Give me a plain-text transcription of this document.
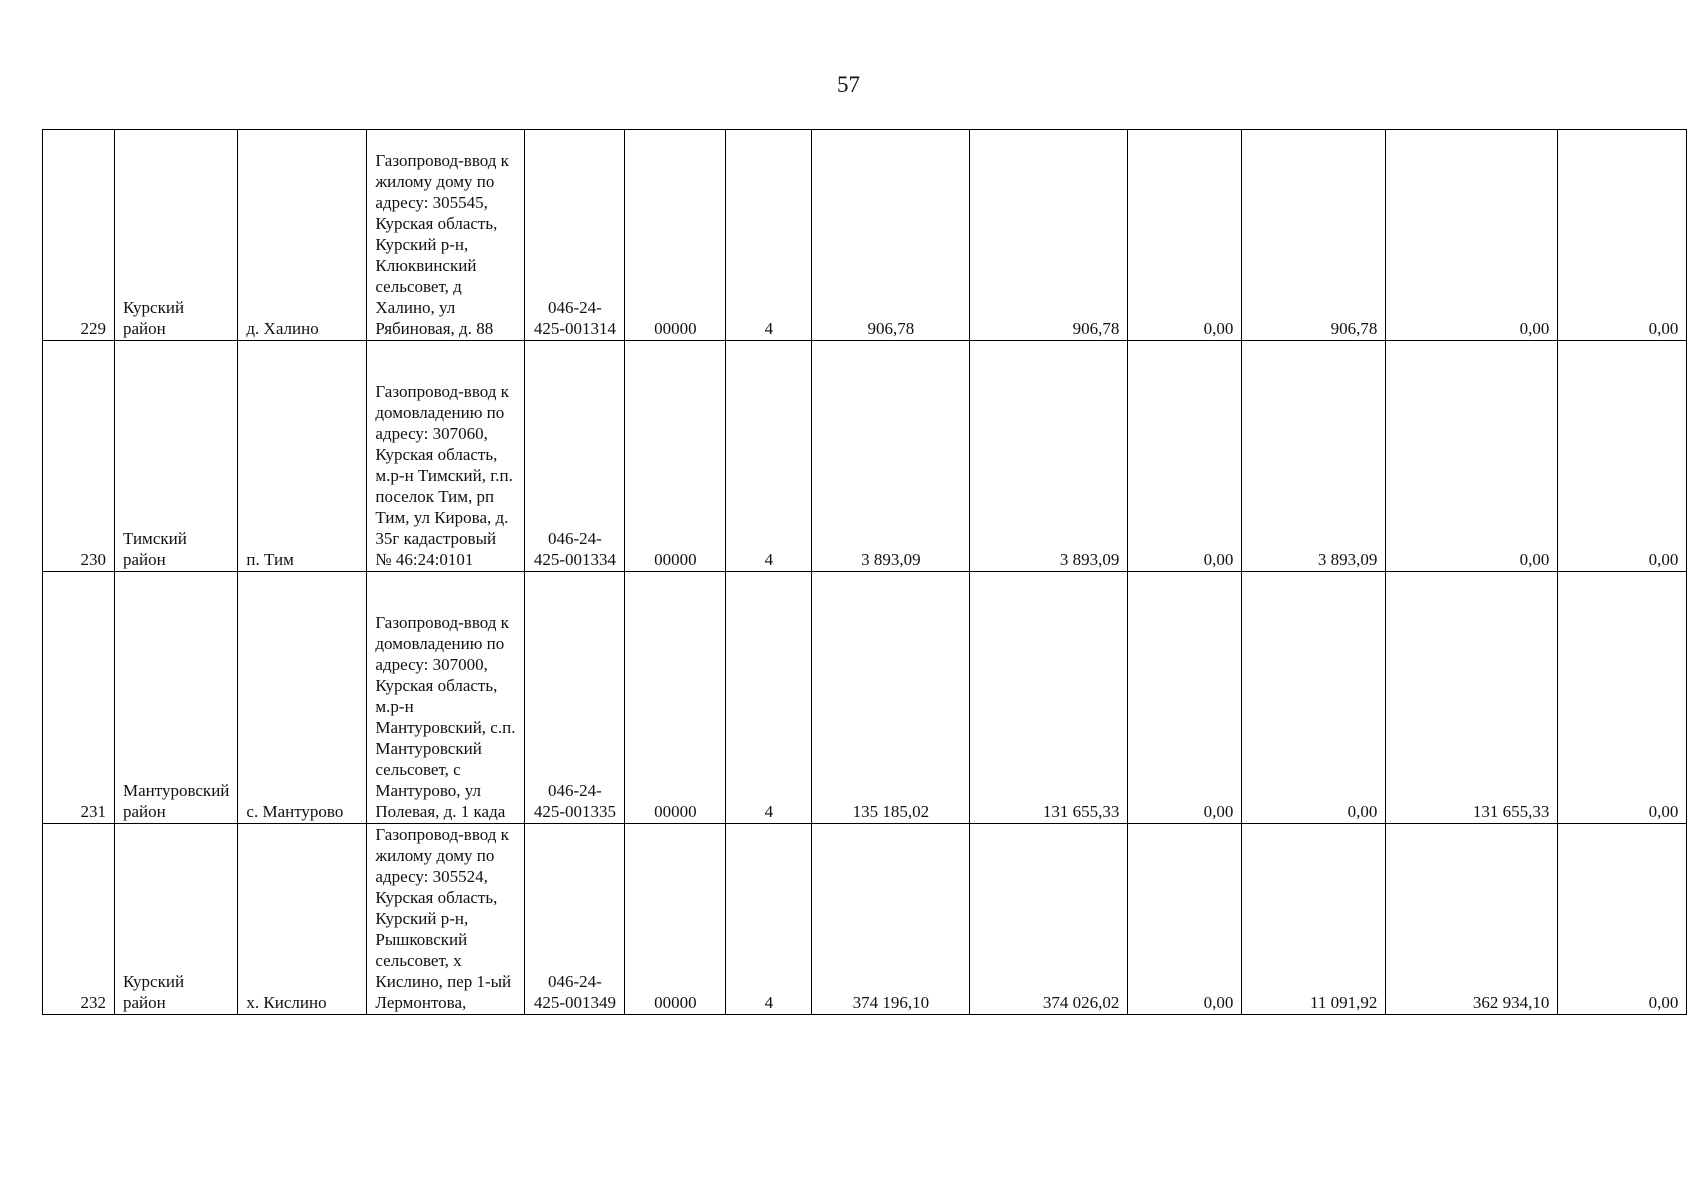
57
229	Курский район	д. Халино	Газопровод-ввод к жилому дому по адресу: 305545, Курская область, Курский р-н, Клюквинский сельсовет, д Халино, ул Рябиновая, д. 88	046-24-425-001314	00000	4	906,78	906,78	0,00	906,78	0,00	0,00
230	Тимский район	п. Тим	Газопровод-ввод к домовладению по адресу: 307060, Курская область, м.р-н Тимский, г.п. поселок Тим, рп Тим, ул Кирова, д. 35г кадастровый № 46:24:0101	046-24-425-001334	00000	4	3 893,09	3 893,09	0,00	3 893,09	0,00	0,00
231	Мантуровский район	с. Мантурово	Газопровод-ввод к домовладению по адресу: 307000, Курская область, м.р-н Мантуровский, с.п. Мантуровский сельсовет, с Мантурово, ул Полевая, д. 1 када	046-24-425-001335	00000	4	135 185,02	131 655,33	0,00	0,00	131 655,33	0,00
232	Курский район	х. Кислино	Газопровод-ввод к жилому дому по адресу: 305524, Курская область, Курский р-н, Рышковский сельсовет, х Кислино, пер 1-ый Лермонтова,	046-24-425-001349	00000	4	374 196,10	374 026,02	0,00	11 091,92	362 934,10	0,00
